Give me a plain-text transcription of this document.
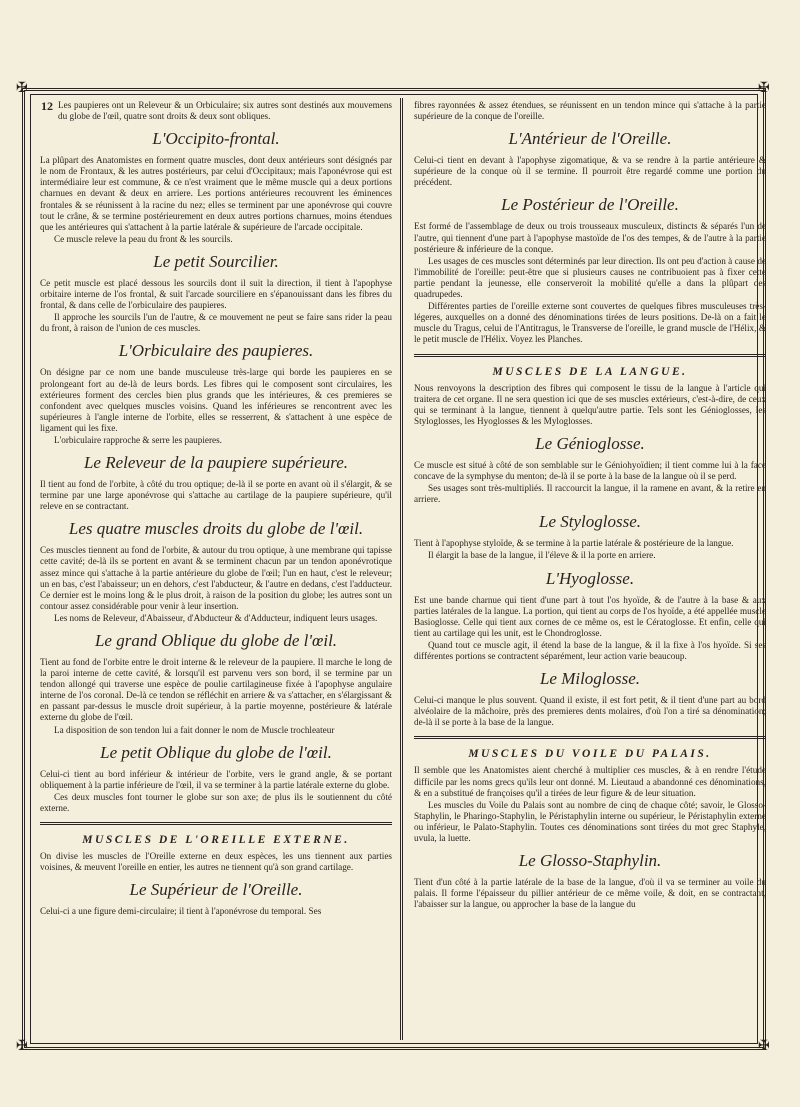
✠	✠
✠	✠

Les paupieres ont un Releveur & un Orbiculaire; six autres sont destinés aux mouvemens du globe de l'œil, quatre sont droits & deux sont obliques.

L'Occipito-frontal.

La plûpart des Anatomistes en forment quatre muscles, dont deux antérieurs sont désignés par le nom de Frontaux, & les autres postérieurs, par celui d'Occipitaux; mais l'aponévrose qui est intermédiaire leur est commune, & ce n'est vraiment que le même muscle qui a deux portions charnues en devant & deux en arriere. Les portions antérieures recouvrent les éminences frontales & se réunissent à la racine du nez; elles se terminent par une aponévrose qui couvre tout le crâne, & se termine postérieurement en deux autres portions charnues, moins étendues que les antérieures qui s'attachent à la partie latérale & supérieure de l'arcade occipitale.

Ce muscle releve la peau du front & les sourcils.

Le petit Sourcilier.

Ce petit muscle est placé dessous les sourcils dont il suit la direction, il tient à l'apophyse orbitaire interne de l'os frontal, & suit l'arcade sourciliere en s'épanouissant dans les fibres du frontal, & dans celle de l'orbiculaire des paupieres.

Il approche les sourcils l'un de l'autre, & ce mouvement ne peut se faire sans rider la peau du front, à raison de l'union de ces muscles.

L'Orbiculaire des paupieres.

On désigne par ce nom une bande musculeuse très-large qui borde les paupieres en se prolongeant fort au de-là de leurs bords. Les fibres qui le composent sont circulaires, les extérieures forment des cercles bien plus grands que les intérieures, & ces premieres se confondent avec quelques muscles voisins. Quand les inférieures se rencontrent avec les supérieures à l'angle interne de l'orbite, elles se resserrent, & s'attachent à une espèce de ligament qui les fixe.

L'orbiculaire rapproche & serre les paupieres.

Le Releveur de la paupiere supérieure.

Il tient au fond de l'orbite, à côté du trou optique; de-là il se porte en avant où il s'élargit, & se termine par une large aponévrose qui s'attache au cartilage de la paupiere supérieure, qu'il releve en se contractant.

Les quatre muscles droits du globe de l'œil.

Ces muscles tiennent au fond de l'orbite, & autour du trou optique, à une membrane qui tapisse cette cavité; de-là ils se portent en avant & se terminent chacun par un tendon aponévrotique assez mince qui s'attache à la partie antérieure du globe de l'œil; l'un en haut, c'est le releveur; un en bas, c'est l'abaisseur; un en dehors, c'est l'abducteur, & l'autre en dedans, c'est l'adducteur. Ce dernier est le moins long & le plus droit, à raison de la position du globe; les autres sont un contour assez considérable pour venir à leur insertion.

Les noms de Releveur, d'Abaisseur, d'Abducteur & d'Adducteur, indiquent leurs usages.

Le grand Oblique du globe de l'œil.

Tient au fond de l'orbite entre le droit interne & le releveur de la paupiere. Il marche le long de la paroi interne de cette cavité, & lorsqu'il est parvenu vers son bord, il se termine par un tendon allongé qui traverse une espèce de poulie cartilagineuse fixée à l'apophyse angulaire interne de l'os coronal. De-là ce tendon se réfléchit en arriere & va s'attacher, en s'élargissant & en passant par-dessus le muscle droit supérieur, à la partie moyenne, postérieure & latérale externe du globe de l'œil.

La disposition de son tendon lui a fait donner le nom de Muscle trochleateur

Le petit Oblique du globe de l'œil.

Celui-ci tient au bord inférieur & intérieur de l'orbite, vers le grand angle, & se portant obliquement à la partie inférieure de l'œil, il va se terminer à la partie latérale externe du globe.

Ces deux muscles font tourner le globe sur son axe; de plus ils le soutiennent du côté externe.

MUSCLES DE L'OREILLE EXTERNE.

On divise les muscles de l'Oreille externe en deux espèces, les uns tiennent aux parties voisines, & meuvent l'oreille en entier, les autres ne tiennent qu'à son grand cartilage.

Le Supérieur de l'Oreille.

Celui-ci a une figure demi-circulaire; il tient à l'aponévrose du temporal. Ses

12	fibres rayonnées & assez étendues, se réunissent en un tendon mince qui s'attache à la partie supérieure de la conque de l'oreille.

L'Antérieur de l'Oreille.

Celui-ci tient en devant à l'apophyse zigomatique, & va se rendre à la partie antérieure & supérieure de la conque où il se termine. Il pourroit être regardé comme une portion du précédent.

Le Postérieur de l'Oreille.

Est formé de l'assemblage de deux ou trois trousseaux musculeux, distincts & séparés l'un de l'autre, qui tiennent d'une part à l'apophyse mastoïde de l'os des tempes, & de l'autre à la partie postérieure & inférieure de la conque.

Les usages de ces muscles sont déterminés par leur direction. Ils ont peu d'action à cause de l'immobilité de l'oreille: peut-être que si plusieurs causes ne contribuoient pas à fixer cette partie pendant la jeunesse, elle conserveroit la mobilité qu'elle a dans la plûpart des quadrupedes.

Différentes parties de l'oreille externe sont couvertes de quelques fibres musculeuses très-légeres, auxquelles on a donné des dénominations tirées de leurs positions. De-là on a fait le muscle du Tragus, celui de l'Antitragus, le Transverse de l'oreille, le grand muscle de l'Hélix, & le petit muscle de l'Hélix. Voyez les Planches.

MUSCLES DE LA LANGUE.

Nous renvoyons la description des fibres qui composent le tissu de la langue à l'article qui traitera de cet organe. Il ne sera question ici que de ses muscles extérieurs, c'est-à-dire, de ceux qui se terminant à la langue, tiennent à quelqu'autre partie. Tels sont les Génioglosses, les Styloglosses, les Hyoglosses & les Myloglosses.

Le Génioglosse.

Ce muscle est situé à côté de son semblable sur le Géniohyoïdien; il tient comme lui à la face concave de la symphyse du menton; de-là il se porte à la base de la langue où il se perd.

Ses usages sont très-multipliés. Il raccourcit la langue, il la ramene en avant, & la retire en arriere.

Le Styloglosse.

Tient à l'apophyse styloïde, & se termine à la partie latérale & postérieure de la langue.

Il élargit la base de la langue, il l'éleve & il la porte en arriere.

L'Hyoglosse.

Est une bande charnue qui tient d'une part à tout l'os hyoïde, & de l'autre à la base & aux parties latérales de la langue. La portion, qui tient au corps de l'os hyoïde, a été appellée muscle Basioglosse. Celle qui tient aux cornes de ce même os, est le Cératoglosse. Et enfin, celle qui tient au cartilage qui les unit, est le Chondroglosse.

Quand tout ce muscle agit, il étend la base de la langue, & il la fixe à l'os hyoïde. Si ses différentes portions se contractent séparément, leur action varie beaucoup.

Le Miloglosse.

Celui-ci manque le plus souvent. Quand il existe, il est fort petit, & il tient d'une part au bord alvéolaire de la mâchoire, près des premieres dents molaires, d'où l'on a tiré sa dénomination; de-là il se porte à la base de la langue.

MUSCLES DU VOILE DU PALAIS.

Il semble que les Anatomistes aient cherché à multiplier ces muscles, & à en rendre l'étude difficile par les noms grecs qu'ils leur ont donné. M. Lieutaud a abandonné ces dénominations, & en a substitué de françoises qu'il a tirées de leur figure & de leur situation.

Les muscles du Voile du Palais sont au nombre de cinq de chaque côté; savoir, le Glosso-Staphylin, le Pharingo-Staphylin, le Péristaphylin interne ou supérieur, le Péristaphylin externe ou inférieur, le Palato-Staphylin. Toutes ces dénominations sont tirées du mot grec Staphyle, uvula, la luette.

Le Glosso-Staphylin.

Tient d'un côté à la partie latérale de la base de la langue, d'où il va se terminer au voile du palais. Il forme l'épaisseur du pillier antérieur de ce même voile, & doit, en se contractant, l'abaisser sur la langue, ou approcher la base de la langue du
